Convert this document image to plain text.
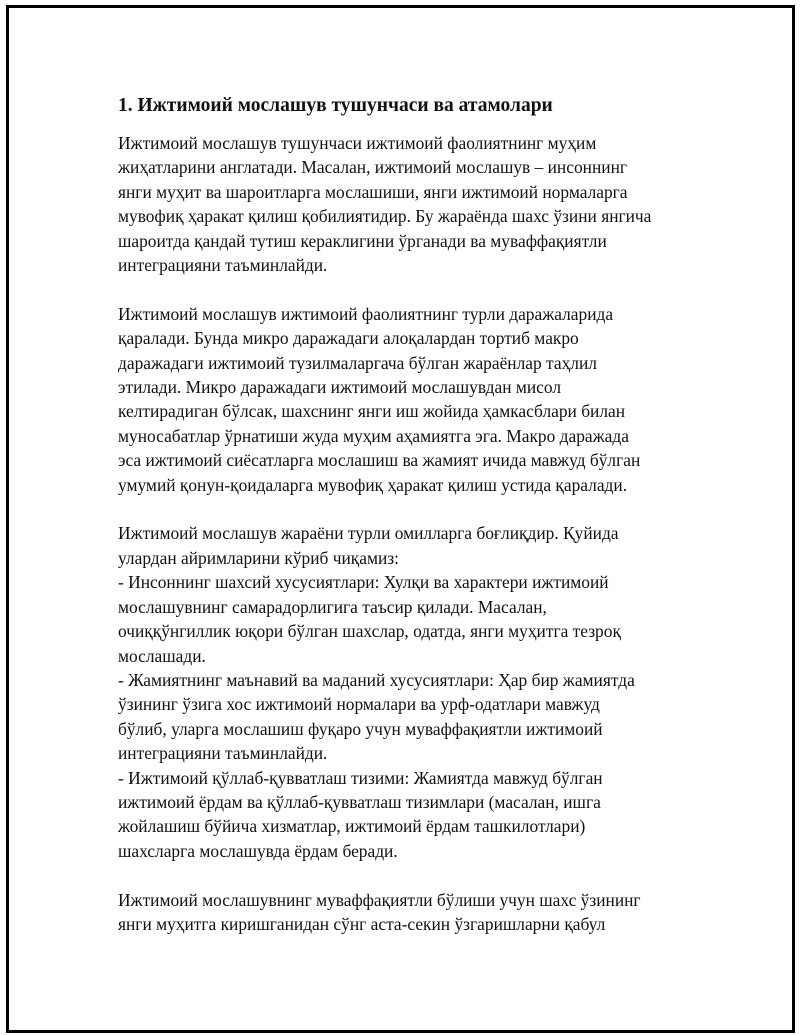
1. Ижтимоий мослашув тушунчаси ва атамолари
Ижтимоий мослашув тушунчаси ижтимоий фаолиятнинг муҳим
жиҳатларини англатади. Масалан, ижтимоий мослашув – инсоннинг
янги муҳит ва шароитларга мослашиши, янги ижтимоий нормаларга
мувофиқ ҳаракат қилиш қобилиятидир. Бу жараёнда шахс ўзини янгича
шароитда қандай тутиш кераклигини ўрганади ва муваффақиятли
интеграцияни таъминлайди.
Ижтимоий мослашув ижтимоий фаолиятнинг турли даражаларида
қаралади. Бунда микро даражадаги алоқалардан тортиб макро
даражадаги ижтимоий тузилмаларгача бўлган жараёнлар таҳлил
этилади. Микро даражадаги ижтимоий мослашувдан мисол
келтирадиган бўлсак, шахснинг янги иш жойида ҳамкасблари билан
муносабатлар ўрнатиши жуда муҳим аҳамиятга эга. Макро даражада
эса ижтимоий сиёсатларга мослашиш ва жамият ичида мавжуд бўлган
умумий қонун-қоидаларга мувофиқ ҳаракат қилиш устида қаралади.
Ижтимоий мослашув жараёни турли омилларга боғлиқдир. Қуйида
улардан айримларини кўриб чиқамиз:
- Инсоннинг шахсий хусусиятлари: Хулқи ва характери ижтимоий
мослашувнинг самарадорлигига таъсир қилади. Масалан,
очиққўнгиллик юқори бўлган шахслар, одатда, янги муҳитга тезроқ
мослашади.
- Жамиятнинг маънавий ва маданий хусусиятлари: Ҳар бир жамиятда
ўзининг ўзига хос ижтимоий нормалари ва урф-одатлари мавжуд
бўлиб, уларга мослашиш фуқаро учун муваффақиятли ижтимоий
интеграцияни таъминлайди.
- Ижтимоий қўллаб-қувватлаш тизими: Жамиятда мавжуд бўлган
ижтимоий ёрдам ва қўллаб-қувватлаш тизимлари (масалан, ишга
жойлашиш бўйича хизматлар, ижтимоий ёрдам ташкилотлари)
шахсларга мослашувда ёрдам беради.
Ижтимоий мослашувнинг муваффақиятли бўлиши учун шахс ўзининг
янги муҳитга киришганидан сўнг аста-секин ўзгаришларни қабул
